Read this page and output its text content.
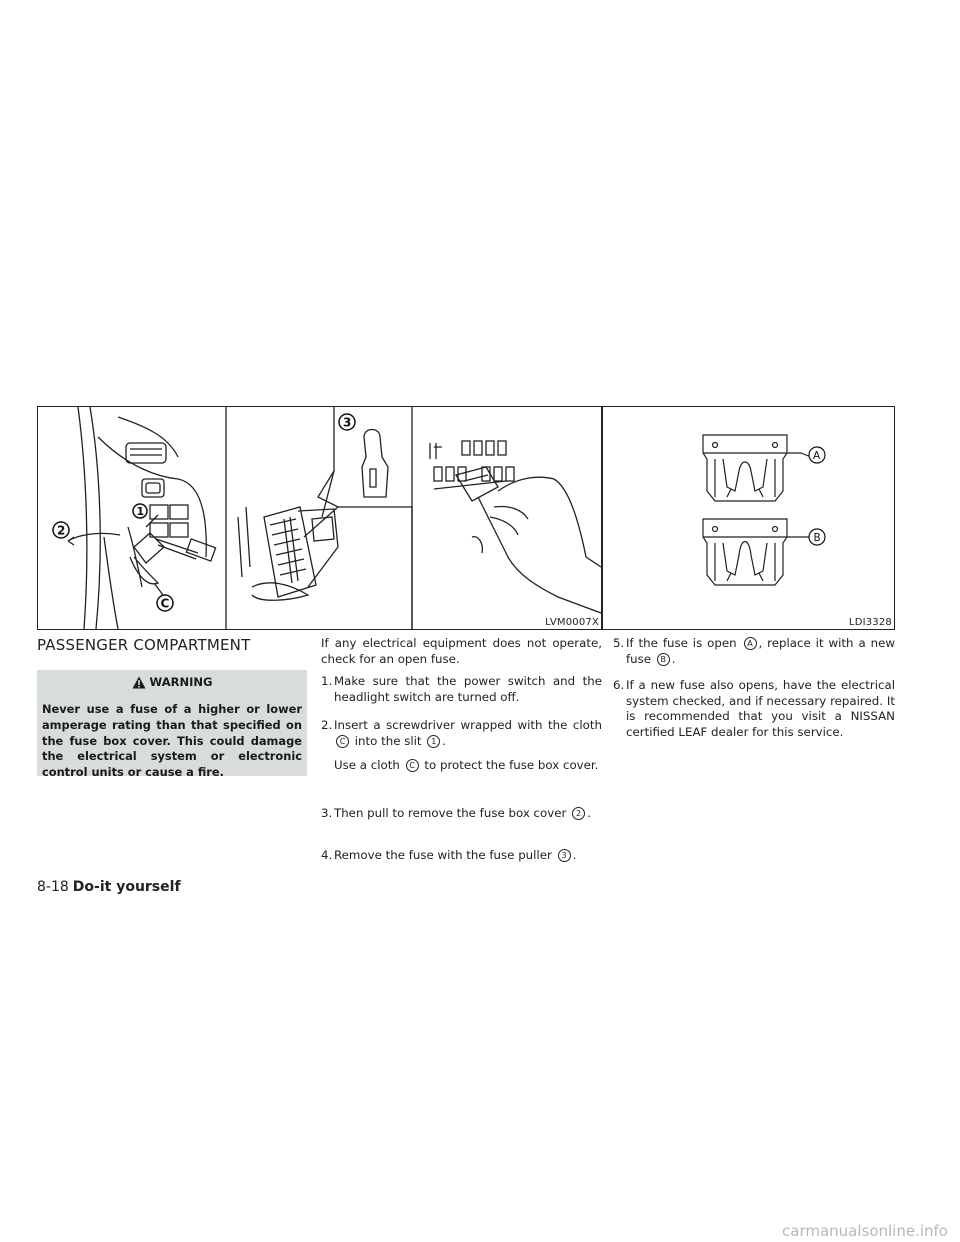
1
2
3
C
LVM0007X
A
B
LDI3328
PASSENGER COMPARTMENT
WARNING
Never use a fuse of a higher or lower amperage rating than that specified on the fuse box cover. This could damage the electrical system or electronic control units or cause a fire.

If any electrical equipment does not operate, check for an open fuse.

1. Make sure that the power switch and the headlight switch are turned off.
2. Insert a screwdriver wrapped with the cloth C into the slit 1 .
Use a cloth C to protect the fuse box cover.
3. Then pull to remove the fuse box cover 2 .
4. Remove the fuse with the fuse puller 3 .
5. If the fuse is open A , replace it with a new fuse B .
6. If a new fuse also opens, have the electrical system checked, and if necessary repaired. It is recommended that you visit a NISSAN certified LEAF dealer for this service.
8-18 Do-it yourself
carmanualsonline.info
